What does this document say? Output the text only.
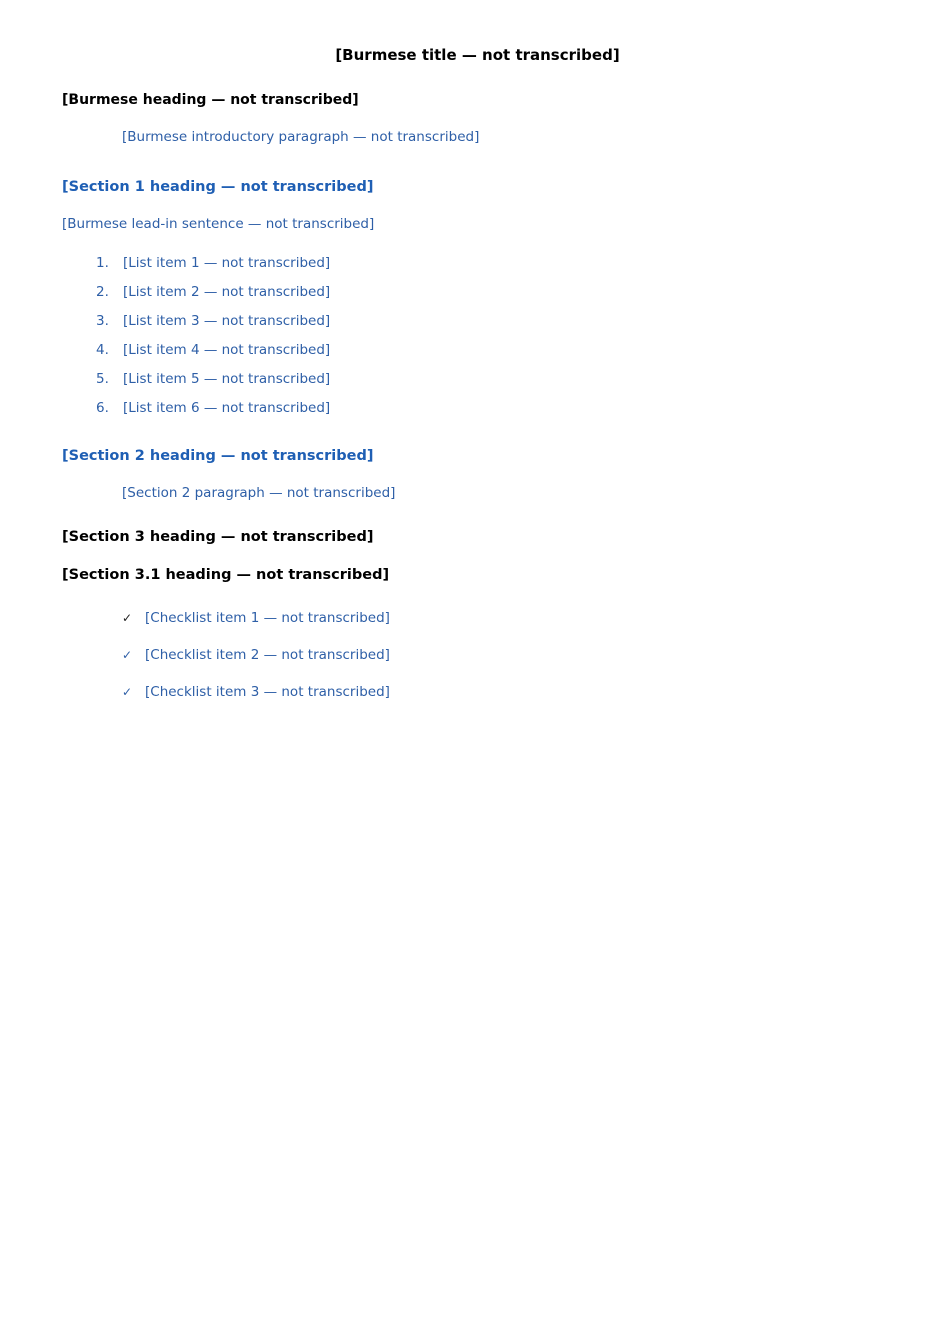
[Burmese title — not transcribed]
[Burmese heading — not transcribed]
[Burmese introductory paragraph — not transcribed]
[Section 1 heading — not transcribed]
[Burmese lead-in sentence — not transcribed]
1. [List item 1 — not transcribed]
2. [List item 2 — not transcribed]
3. [List item 3 — not transcribed]
4. [List item 4 — not transcribed]
5. [List item 5 — not transcribed]
6. [List item 6 — not transcribed]
[Section 2 heading — not transcribed]
[Section 2 paragraph — not transcribed]
[Section 3 heading — not transcribed]
[Section 3.1 heading — not transcribed]
✓ [Checklist item 1 — not transcribed]
✓ [Checklist item 2 — not transcribed]
✓ [Checklist item 3 — not transcribed]
